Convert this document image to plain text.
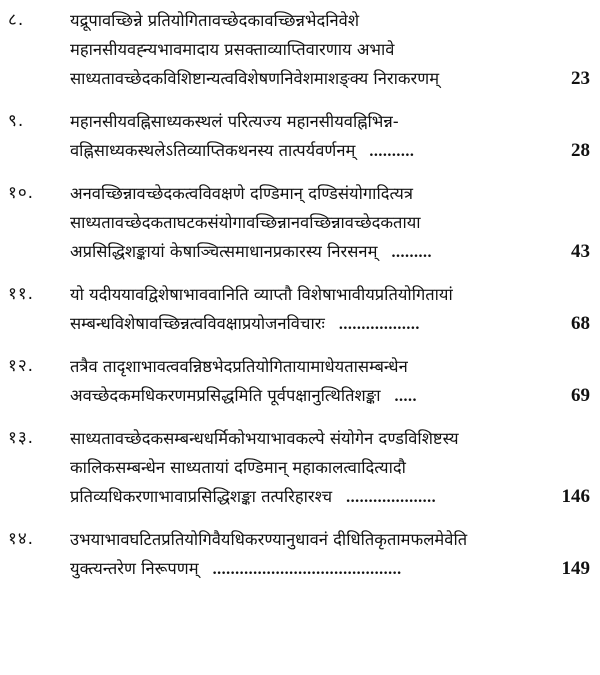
८.	यद्रूपावच्छिन्ने प्रतियोगितावच्छेदकावच्छिन्नभेदनिवेशे
महानसीयवह्न्यभावमादाय प्रसक्ताव्याप्तिवारणाय अभावे
साध्यतावच्छेदकविशिष्टान्यत्वविशेषणनिवेशमाशङ्क्य निराकरणम्	23
९.	महानसीयवह्निसाध्यकस्थलं परित्यज्य महानसीयवह्निभिन्न-
वह्निसाध्यकस्थलेऽतिव्याप्तिकथनस्य तात्पर्यवर्णनम् ..........	28
१०. अनवच्छिन्नावच्छेदकत्वविवक्षणे दण्डिमान् दण्डिसंयोगादित्यत्र
साध्यतावच्छेदकताघटकसंयोगावच्छिन्नानवच्छिन्नावच्छेदकताया
अप्रसिद्धिशङ्कायां केषाञ्चित्समाधानप्रकारस्य निरसनम् .........	43
११. यो यदीययावद्विशेषाभाववानिति व्याप्तौ विशेषाभावीयप्रतियोगितायां
सम्बन्धविशेषावच्छिन्नत्वविवक्षाप्रयोजनविचारः ..................	68
१२. तत्रैव तादृशाभावत्ववन्निष्ठभेदप्रतियोगितायामाधेयतासम्बन्धेन
अवच्छेदकमधिकरणमप्रसिद्धमिति पूर्वपक्षानुत्थितिशङ्का .....	69
१३. साध्यतावच्छेदकसम्बन्धधर्मिकोभयाभावकल्पे संयोगेन दण्डविशिष्टस्य
कालिकसम्बन्धेन साध्यतायां दण्डिमान् महाकालत्वादित्यादौ
प्रतिव्यधिकरणाभावाप्रसिद्धिशङ्का तत्परिहारश्च ....................	146
१४. उभयाभावघटितप्रतियोगिवैयधिकरण्यानुधावनं दीधितिकृतामफलमेवेति
युक्त्यन्तरेण निरूपणम् ..........................................	149
